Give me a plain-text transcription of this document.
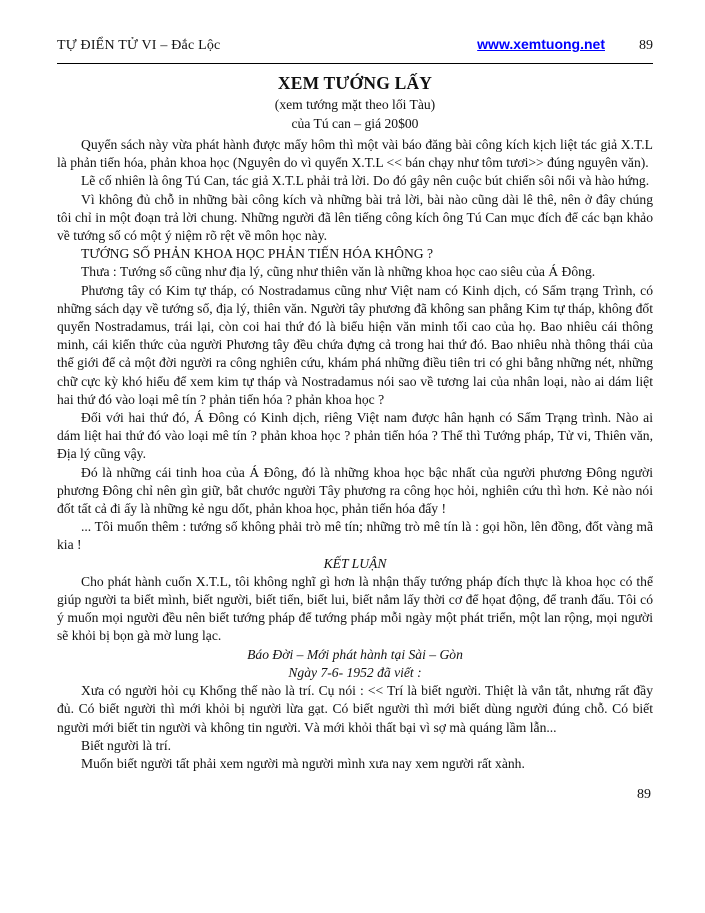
TỰ ĐIỂN TỬ VI – Đắc Lộc	www.xemtuong.net 89
XEM TƯỚNG LẤY

(xem tướng mặt theo lối Tàu)

của Tú can – giá 20$00

Quyển sách này vừa phát hành được mấy hôm thì một vài báo đăng bài công kích kịch liệt tác giả X.T.L là phản tiến hóa, phản khoa học (Nguyên do vì quyển X.T.L << bán chạy như tôm tươi>> đúng nguyên văn).

Lẽ cố nhiên là ông Tú Can, tác giả X.T.L phải trả lời. Do đó gây nên cuộc bút chiến sôi nổi và hào hứng.

Vì không đủ chỗ in những bài công kích và những bài trả lời, bài nào cũng dài lê thê, nên ở đây chúng tôi chỉ in một đoạn trả lời chung. Những người đã lên tiếng công kích ông Tú Can mục đích để các bạn khảo về tướng số có một ý niệm rõ rệt về môn học này.

TƯỚNG SỐ PHẢN KHOA HỌC PHẢN TIẾN HÓA KHÔNG ?

Thưa : Tướng số cũng như địa lý, cũng như thiên văn là những khoa học cao siêu của Á Đông.

Phương tây có Kim tự tháp, có Nostradamus cũng như Việt nam có Kinh dịch, có Sấm trạng Trình, có những sách dạy về tướng số, địa lý, thiên văn. Người tây phương đã không san phẳng Kim tự tháp, không đốt quyển Nostradamus, trái lại, còn coi hai thứ đó là biểu hiện văn minh tối cao của họ. Bao nhiêu cái thông minh, cái kiến thức của người Phương tây đều chứa đựng cả trong hai thứ đó. Bao nhiêu nhà thông thái của thế giới để cả một đời người ra công nghiên cứu, khám phá những điều tiên tri có ghi bằng những nét, những chữ cực kỳ khó hiểu để xem kim tự tháp và Nostradamus nói sao về tương lai của nhân loại, nào ai dám liệt hai thứ đó vào loại mê tín ? phản tiến hóa ? phản khoa học ?

Đối với hai thứ đó, Á Đông có Kinh dịch, riêng Việt nam được hân hạnh có Sấm Trạng trình. Nào ai dám liệt hai thứ đó vào loại mê tín ? phản khoa học ? phản tiến hóa ? Thế thì Tướng pháp, Tử vi, Thiên văn, Địa lý cũng vậy.

Đó là những cái tinh hoa của Á Đông, đó là những khoa học bậc nhất của người phương Đông người phương Đông chỉ nên gìn giữ, bắt chước người Tây phương ra công học hỏi, nghiên cứu thì hơn. Kẻ nào nói đốt tất cả đi ấy là những kẻ ngu dốt, phản khoa học, phản tiến hóa đấy !

... Tôi muốn thêm : tướng số không phải trò mê tín; những trò mê tín là : gọi hồn, lên đồng, đốt vàng mã kia !

KẾT LUẬN

Cho phát hành cuốn X.T.L, tôi không nghĩ gì hơn là nhận thấy tướng pháp đích thực là khoa học có thể giúp người ta biết mình, biết người, biết tiến, biết lui, biết nắm lấy thời cơ để họat động, để tranh đấu. Tôi có ý muốn mọi người đều nên biết tướng pháp để tướng pháp mỗi ngày một phát triển, một lan rộng, mọi người sẽ khỏi bị bọn gà mờ lung lạc.

Báo Đời – Mới phát hành tại Sài – Gòn

Ngày 7-6- 1952 đã viết :

Xưa có người hỏi cụ Khổng thế nào là trí. Cụ nói : << Trí là biết người. Thiệt là vắn tắt, nhưng rất đầy đủ. Có biết người thì mới khỏi bị người lừa gạt. Có biết người thì mới biết dùng người đúng chỗ. Có biết người mới biết tin người và không tin người. Và mới khỏi thất bại vì sợ mà quáng lầm lẫn...

Biết người là trí.

Muốn biết người tất phải xem người mà người mình xưa nay xem người rất xành.

89
